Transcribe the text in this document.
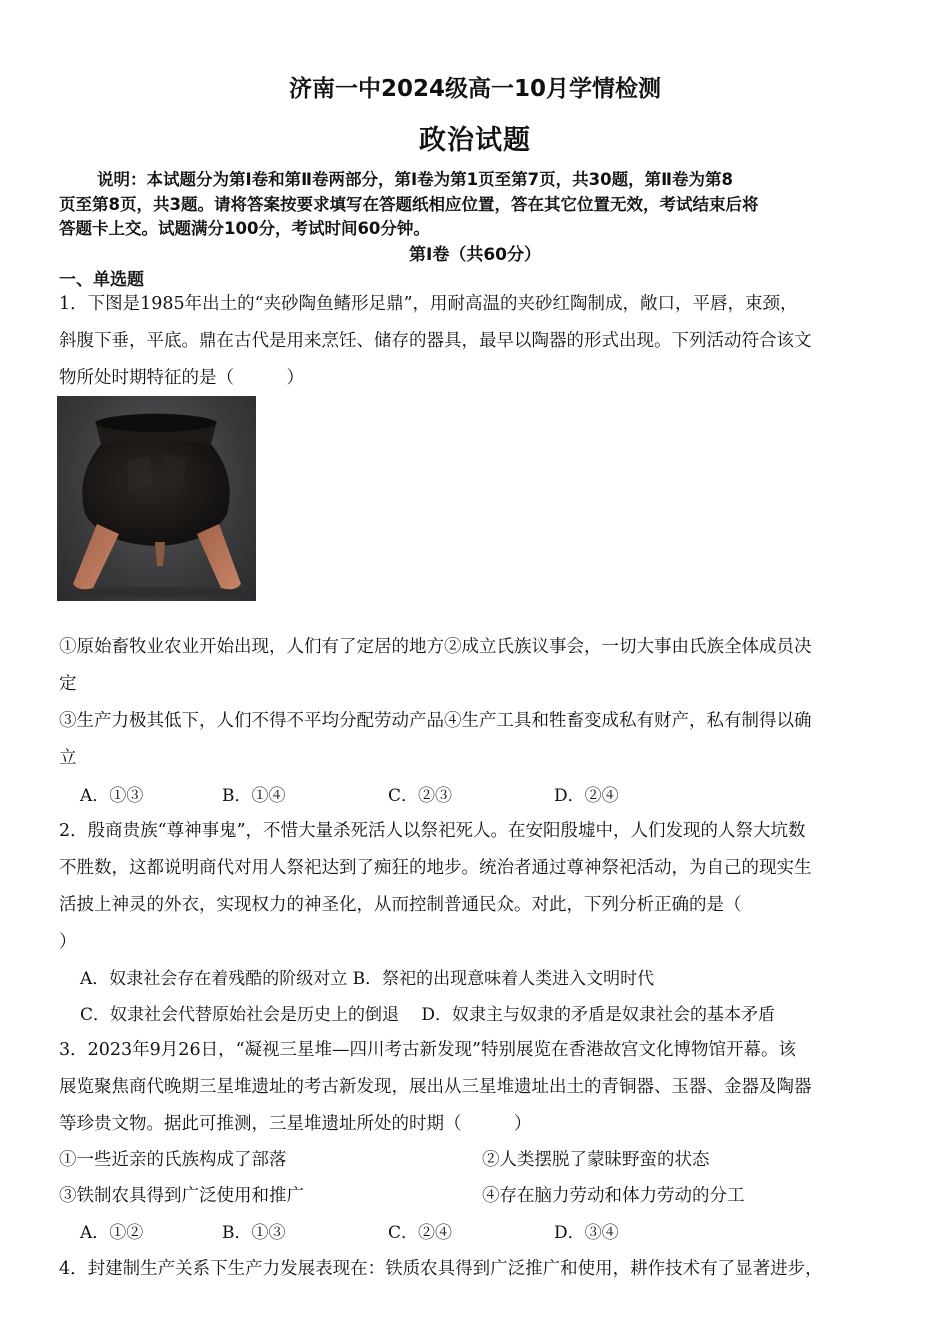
济南一中2024级高一10月学情检测
政治试题
说明：本试题分为第Ⅰ卷和第Ⅱ卷两部分，第Ⅰ卷为第1页至第7页，共30题，第Ⅱ卷为第8
页至第8页，共3题。请将答案按要求填写在答题纸相应位置，答在其它位置无效，考试结束后将
答题卡上交。试题满分100分，考试时间60分钟。
第Ⅰ卷（共60分）
一、单选题
1．下图是1985年出土的“夹砂陶鱼鳍形足鼎”，用耐高温的夹砂红陶制成，敞口，平唇，束颈，
斜腹下垂，平底。鼎在古代是用来烹饪、储存的器具，最早以陶器的形式出现。下列活动符合该文
物所处时期特征的是（　　　）
①原始畜牧业农业开始出现，人们有了定居的地方②成立氏族议事会，一切大事由氏族全体成员决
定
③生产力极其低下，人们不得不平均分配劳动产品④生产工具和牲畜变成私有财产，私有制得以确
立
A．①③	B．①④	C．②③	D．②④
2．殷商贵族“尊神事鬼”，不惜大量杀死活人以祭祀死人。在安阳殷墟中，人们发现的人祭大坑数
不胜数，这都说明商代对用人祭祀达到了痴狂的地步。统治者通过尊神祭祀活动，为自己的现实生
活披上神灵的外衣，实现权力的神圣化，从而控制普通民众。对此，下列分析正确的是（
）
A．奴隶社会存在着残酷的阶级对立 B．祭祀的出现意味着人类进入文明时代
C．奴隶社会代替原始社会是历史上的倒退　 D．奴隶主与奴隶的矛盾是奴隶社会的基本矛盾
3．2023年9月26日，“凝视三星堆—四川考古新发现”特别展览在香港故宫文化博物馆开幕。该
展览聚焦商代晚期三星堆遗址的考古新发现，展出从三星堆遗址出土的青铜器、玉器、金器及陶器
等珍贵文物。据此可推测，三星堆遗址所处的时期（　　　）
①一些近亲的氏族构成了部落	②人类摆脱了蒙昧野蛮的状态
③铁制农具得到广泛使用和推广	④存在脑力劳动和体力劳动的分工
A．①②	B．①③	C．②④	D．③④
4．封建制生产关系下生产力发展表现在：铁质农具得到广泛推广和使用，耕作技术有了显著进步，
